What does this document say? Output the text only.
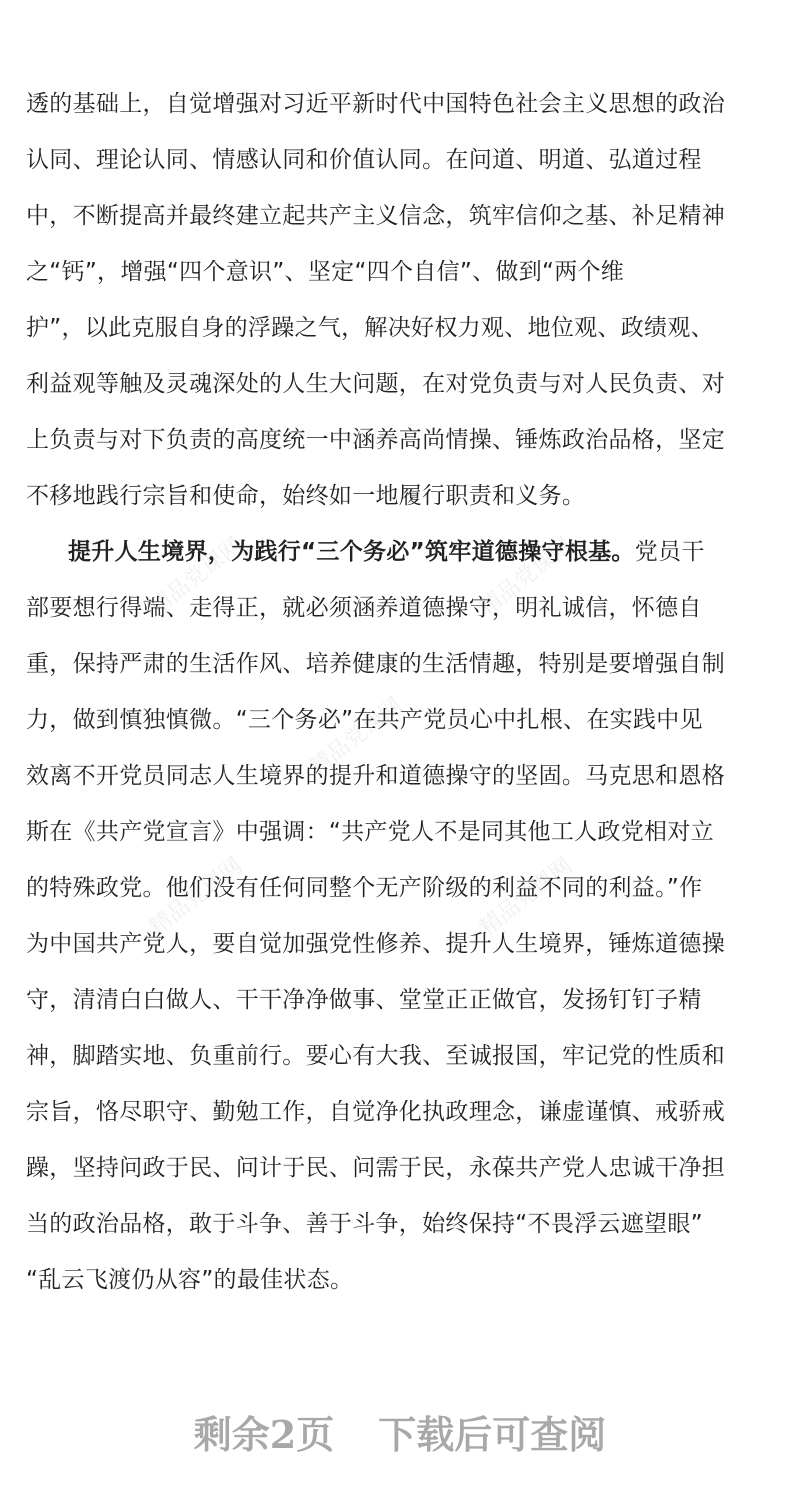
精品党课网	精品党课网
精品党课网
精品党课网	精品党课网
透的基础上，自觉增强对习近平新时代中国特色社会主义思想的政治
认同、理论认同、情感认同和价值认同。在问道、明道、弘道过程
中，不断提高并最终建立起共产主义信念，筑牢信仰之基、补足精神
之“钙”，增强“四个意识”、坚定“四个自信”、做到“两个维
护”，以此克服自身的浮躁之气，解决好权力观、地位观、政绩观、
利益观等触及灵魂深处的人生大问题，在对党负责与对人民负责、对
上负责与对下负责的高度统一中涵养高尚情操、锤炼政治品格，坚定
不移地践行宗旨和使命，始终如一地履行职责和义务。
提升人生境界，为践行“三个务必”筑牢道德操守根基。党员干
部要想行得端、走得正，就必须涵养道德操守，明礼诚信，怀德自
重，保持严肃的生活作风、培养健康的生活情趣，特别是要增强自制
力，做到慎独慎微。“三个务必”在共产党员心中扎根、在实践中见
效离不开党员同志人生境界的提升和道德操守的坚固。马克思和恩格
斯在《共产党宣言》中强调：“共产党人不是同其他工人政党相对立
的特殊政党。他们没有任何同整个无产阶级的利益不同的利益。”作
为中国共产党人，要自觉加强党性修养、提升人生境界，锤炼道德操
守，清清白白做人、干干净净做事、堂堂正正做官，发扬钉钉子精
神，脚踏实地、负重前行。要心有大我、至诚报国，牢记党的性质和
宗旨，恪尽职守、勤勉工作，自觉净化执政理念，谦虚谨慎、戒骄戒
躁，坚持问政于民、问计于民、问需于民，永葆共产党人忠诚干净担
当的政治品格，敢于斗争、善于斗争，始终保持“不畏浮云遮望眼”
“乱云飞渡仍从容”的最佳状态。
剩余2页 下载后可查阅
